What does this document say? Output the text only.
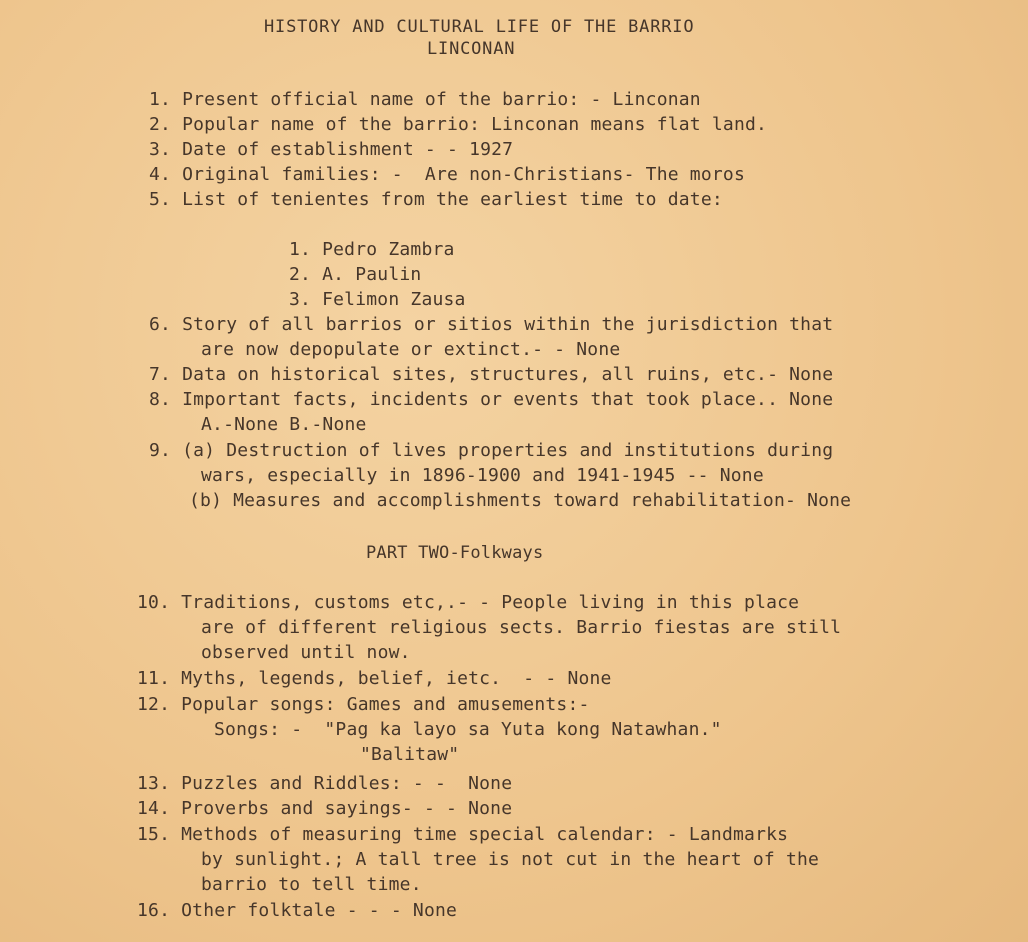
HISTORY AND CULTURAL LIFE OF THE BARRIO
LINCONAN
1. Present official name of the barrio: - Linconan
2. Popular name of the barrio: Linconan means flat land.
3. Date of establishment - - 1927
4. Original families: -  Are non-Christians- The moros
5. List of tenientes from the earliest time to date:
1. Pedro Zambra
2. A. Paulin
3. Felimon Zausa
6. Story of all barrios or sitios within the jurisdiction that
are now depopulate or extinct.- - None
7. Data on historical sites, structures, all ruins, etc.- None
8. Important facts, incidents or events that took place.. None
A.-None B.-None
9. (a) Destruction of lives properties and institutions during
wars, especially in 1896-1900 and 1941-1945 -- None
(b) Measures and accomplishments toward rehabilitation- None
PART TWO-Folkways
10. Traditions, customs etc,.- - People living in this place
are of different religious sects. Barrio fiestas are still
observed until now.
11. Myths, legends, belief, ietc.  - - None
12. Popular songs: Games and amusements:-
Songs: -  "Pag ka layo sa Yuta kong Natawhan."
"Balitaw"
13. Puzzles and Riddles: - -  None
14. Proverbs and sayings- - - None
15. Methods of measuring time special calendar: - Landmarks
by sunlight.; A tall tree is not cut in the heart of the
barrio to tell time.
16. Other folktale - - - None
